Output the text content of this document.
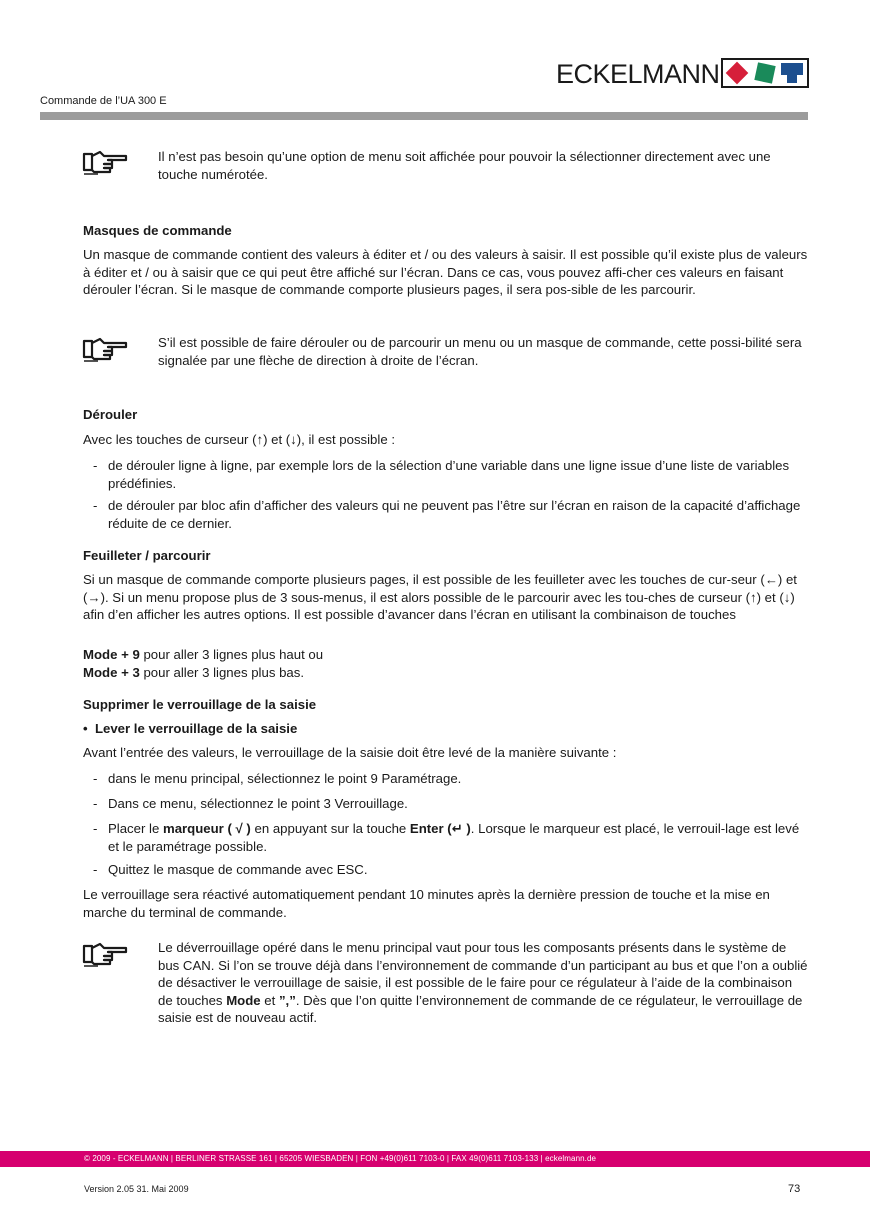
ECKELMANN
Commande de l’UA 300 E

Il n’est pas besoin qu’une option de menu soit affichée pour pouvoir la sélectionner directement avec une touche numérotée.

Masques de commande

Un masque de commande contient des valeurs à éditer et / ou des valeurs à saisir. Il est possible qu’il existe plus de valeurs à éditer et / ou à saisir que ce qui peut être affiché sur l’écran. Dans ce cas, vous pouvez affi-cher ces valeurs en faisant dérouler l’écran. Si le masque de commande comporte plusieurs pages, il sera pos-sible de les parcourir.

S’il est possible de faire dérouler ou de parcourir un menu ou un masque de commande, cette possi-bilité sera signalée par une flèche de direction à droite de l’écran.

Dérouler

Avec les touches de curseur (↑) et (↓), il est possible :

- de dérouler ligne à ligne, par exemple lors de la sélection d’une variable dans une ligne issue d’une liste de variables prédéfinies.
- de dérouler par bloc afin d’afficher des valeurs qui ne peuvent pas l’être sur l’écran en raison de la capacité d’affichage réduite de ce dernier.
Feuilleter / parcourir

Si un masque de commande comporte plusieurs pages, il est possible de les feuilleter avec les touches de cur-seur (←) et (→). Si un menu propose plus de 3 sous-menus, il est alors possible de le parcourir avec les tou-ches de curseur (↑) et (↓) afin d’en afficher les autres options. Il est possible d’avancer dans l’écran en utilisant la combinaison de touches

Mode + 9 pour aller 3 lignes plus haut ou
Mode + 3 pour aller 3 lignes plus bas.

Supprimer le verrouillage de la saisie
• Lever le verrouillage de la saisie

Avant l’entrée des valeurs, le verrouillage de la saisie doit être levé de la manière suivante :

- dans le menu principal, sélectionnez le point 9 Paramétrage.
- Dans ce menu, sélectionnez le point 3 Verrouillage.
- Placer le marqueur ( √ ) en appuyant sur la touche Enter (↵ ). Lorsque le marqueur est placé, le verrouil-lage est levé et le paramétrage possible.
- Quittez le masque de commande avec ESC.

Le verrouillage sera réactivé automatiquement pendant 10 minutes après la dernière pression de touche et la mise en marche du terminal de commande.

Le déverrouillage opéré dans le menu principal vaut pour tous les composants présents dans le système de bus CAN. Si l’on se trouve déjà dans l’environnement de commande d’un participant au bus et que l’on a oublié de désactiver le verrouillage de saisie, il est possible de le faire pour ce régulateur à l’aide de la combinaison de touches Mode et ”,”. Dès que l’on quitte l’environnement de commande de ce régulateur, le verrouillage de saisie est de nouveau actif.

© 2009 - ECKELMANN | BERLINER STRASSE 161 | 65205 WIESBADEN | FON +49(0)611 7103-0 | FAX 49(0)611 7103-133 | eckelmann.de
Version 2.05 31. Mai 2009	73
